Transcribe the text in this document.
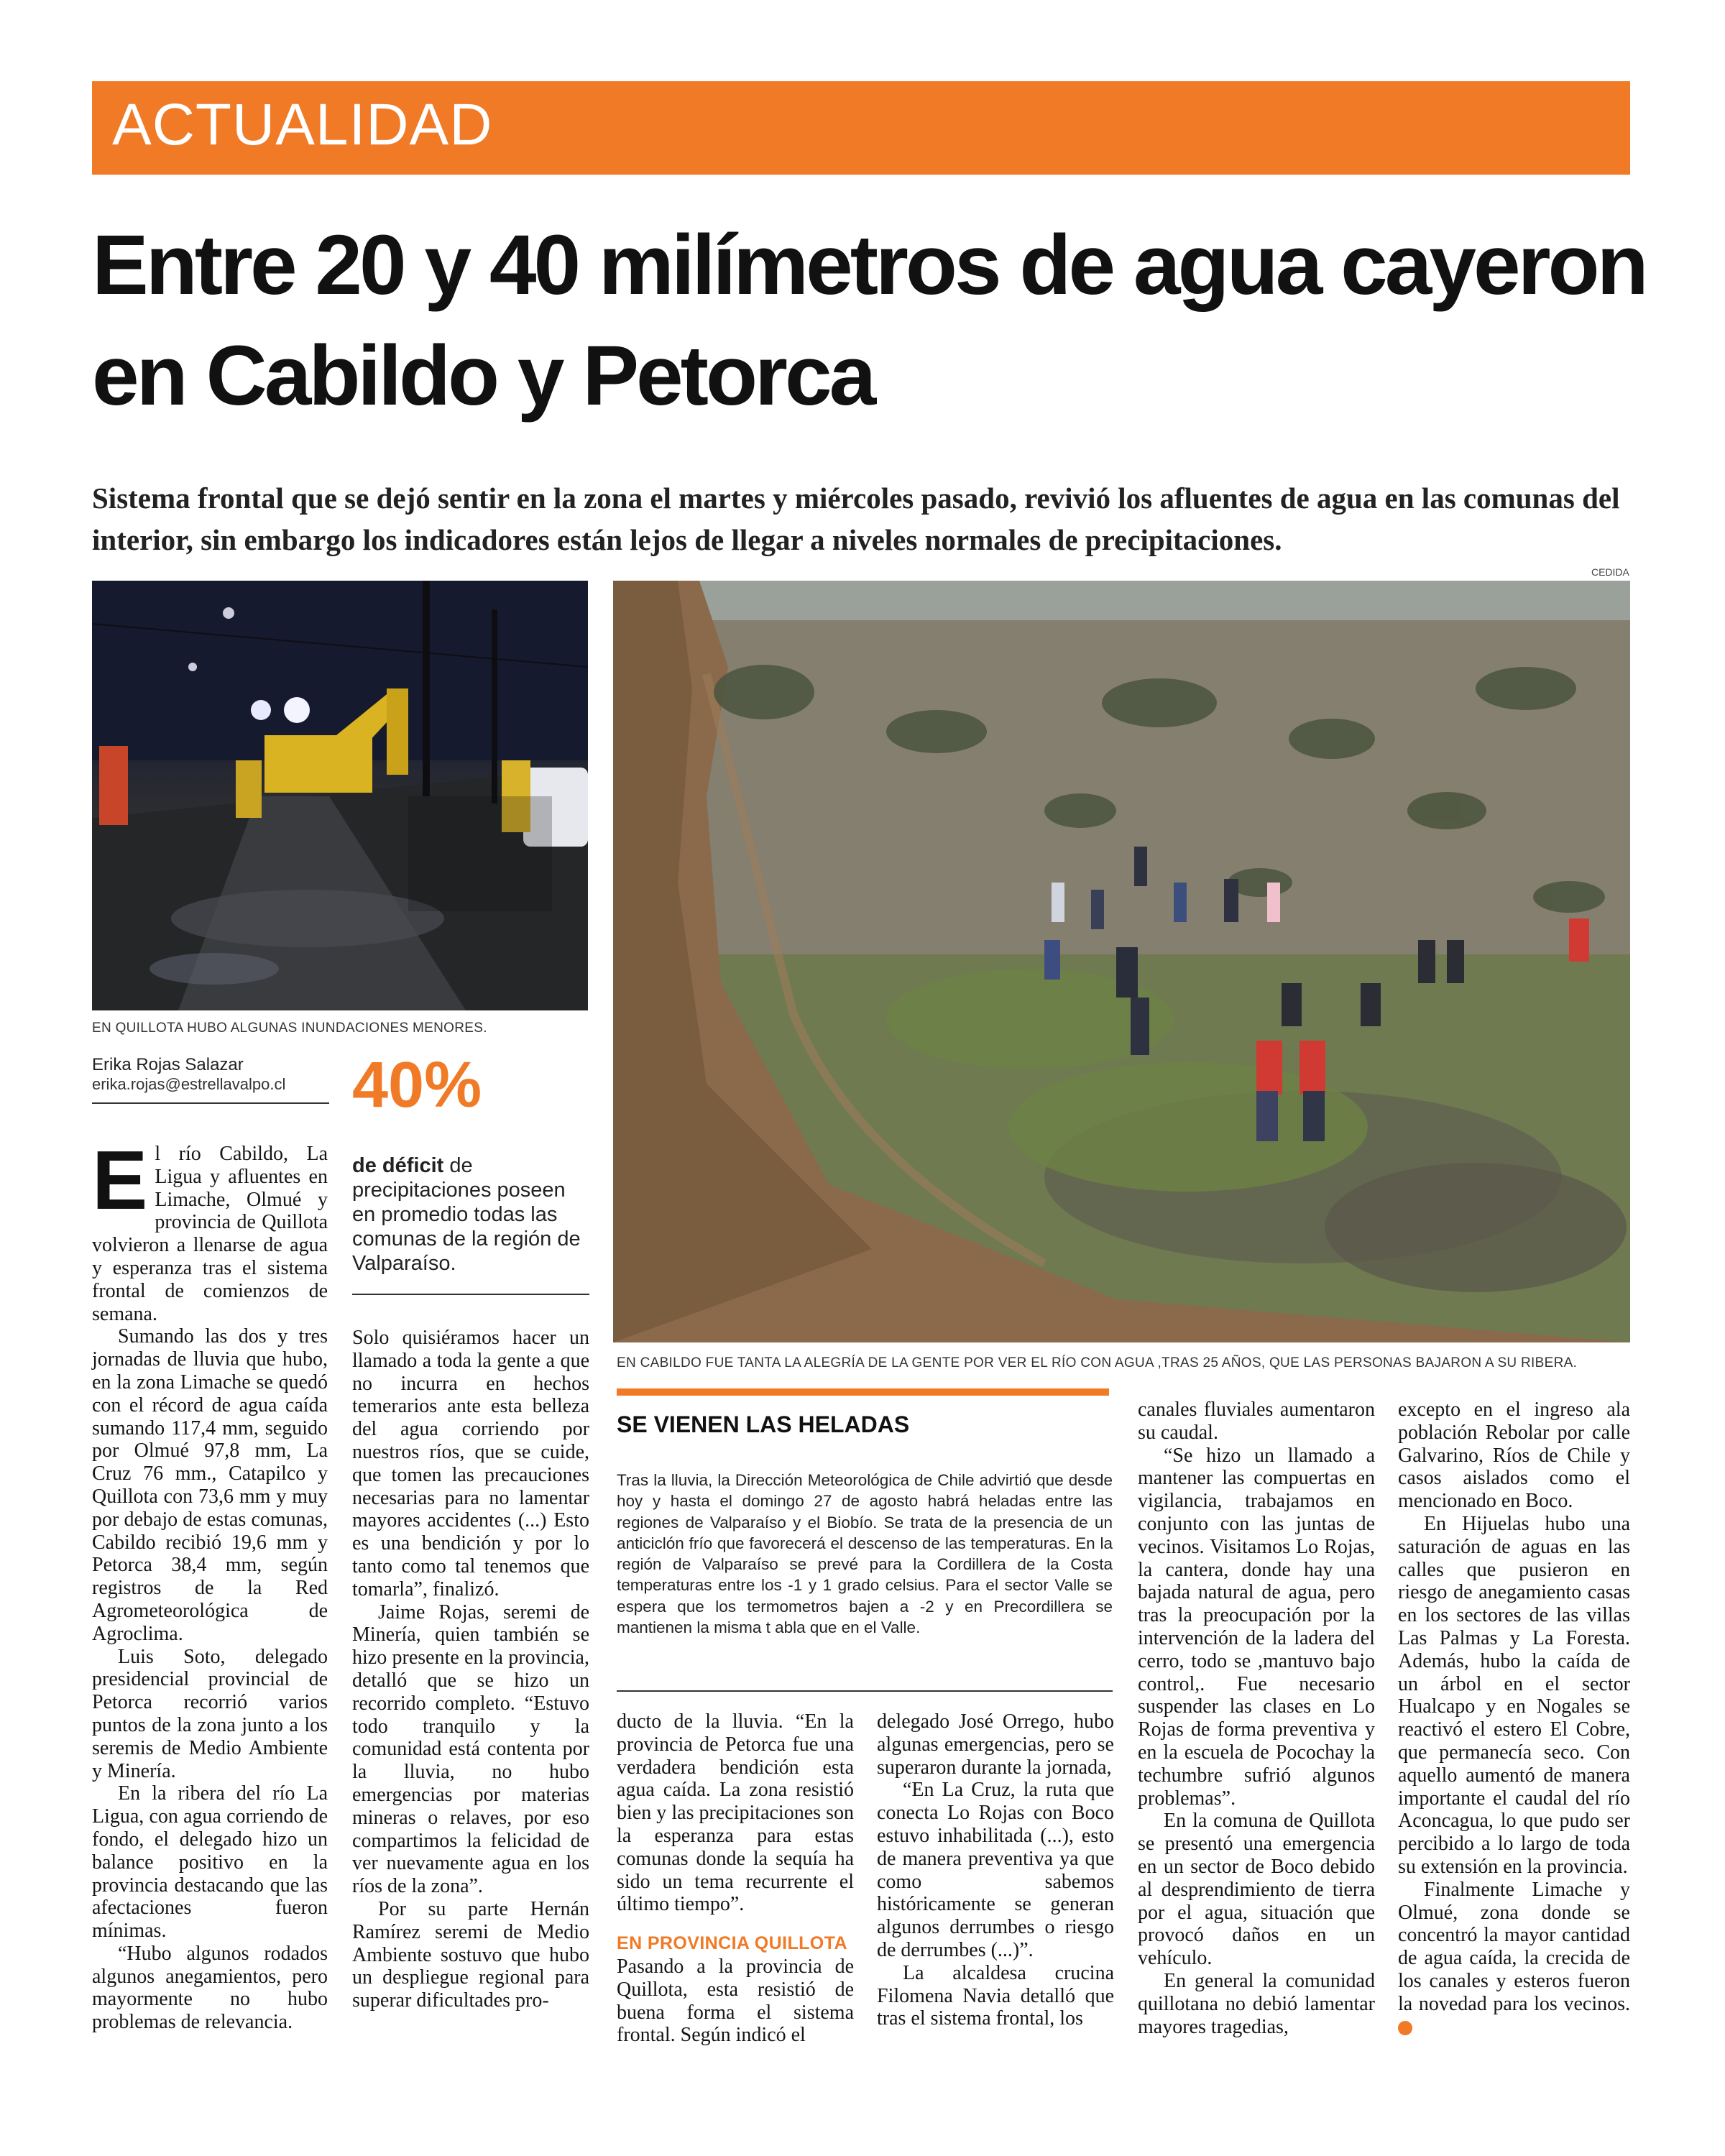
ACTUALIDAD
Entre 20 y 40 milímetros de agua cayeron en Cabildo y Petorca
Sistema frontal que se dejó sentir en la zona el martes y miércoles pasado, revivió los afluentes de agua en las comunas del interior, sin embargo los indicadores están lejos de llegar a niveles normales de precipitaciones.
CEDIDA
EN QUILLOTA HUBO ALGUNAS INUNDACIONES MENORES.
EN CABILDO FUE TANTA LA ALEGRÍA DE LA GENTE POR VER EL RÍO CON AGUA ,TRAS 25 AÑOS, QUE LAS PERSONAS BAJARON A SU RIBERA.
Erika Rojas Salazar
erika.rojas@estrellavalpo.cl 40%
de déficit de precipitaciones poseen en promedio todas las comunas de la región de Valparaíso.

El río Cabildo, La Ligua y afluentes en Limache, Olmué y provincia de Quillota volvieron a llenarse de agua y esperanza tras el sistema frontal de comienzos de semana.

Sumando las dos y tres jornadas de lluvia que hubo, en la zona Limache se quedó con el récord de agua caída sumando 117,4 mm, seguido por Olmué 97,8 mm, La Cruz 76 mm., Catapilco y Quillota con 73,6 mm y muy por debajo de estas comunas, Cabildo recibió 19,6 mm y Petorca 38,4 mm, según registros de la Red Agrometeorológica de Agroclima.

Luis Soto, delegado presidencial provincial de Petorca recorrió varios puntos de la zona junto a los seremis de Medio Ambiente y Minería.

En la ribera del río La Ligua, con agua corriendo de fondo, el delegado hizo un balance positivo en la provincia destacando que las afectaciones fueron mínimas.

“Hubo algunos rodados algunos anegamientos, pero mayormente no hubo problemas de relevancia.

Solo quisiéramos hacer un llamado a toda la gente a que no incurra en hechos temerarios ante esta belleza del agua corriendo por nuestros ríos, que se cuide, que tomen las precauciones necesarias para no lamentar mayores accidentes (...) Esto es una bendición y por lo tanto como tal tenemos que tomarla”, finalizó.

Jaime Rojas, seremi de Minería, quien también se hizo presente en la provincia, detalló que se hizo un recorrido completo. “Estuvo todo tranquilo y la comunidad está contenta por la lluvia, no hubo emergencias por materias mineras o relaves, por eso compartimos la felicidad de ver nuevamente agua en los ríos de la zona”.

Por su parte Hernán Ramírez seremi de Medio Ambiente sostuvo que hubo un despliegue regional para superar dificultades pro-

SE VIENEN LAS HELADAS
Tras la lluvia, la Dirección Meteorológica de Chile advirtió que desde hoy y hasta el domingo 27 de agosto habrá heladas entre las regiones de Valparaíso y el Biobío. Se trata de la presencia de un anticiclón frío que favorecerá el descenso de las temperaturas. En la región de Valparaíso se prevé para la Cordillera de la Costa temperaturas entre los -1 y 1 grado celsius. Para el sector Valle se espera que los termometros bajen a -2 y en Precordillera se mantienen la misma t abla que en el Valle.

ducto de la lluvia. “En la provincia de Petorca fue una verdadera bendición esta agua caída. La zona resistió bien y las precipitaciones son la esperanza para estas comunas donde la sequía ha sido un tema recurrente el último tiempo”.

EN PROVINCIA QUILLOTA

Pasando a la provincia de Quillota, esta resistió de buena forma el sistema frontal. Según indicó el

delegado José Orrego, hubo algunas emergencias, pero se superaron durante la jornada,

“En La Cruz, la ruta que conecta Lo Rojas con Boco estuvo inhabilitada (...), esto de manera preventiva ya que como sabemos históricamente se generan algunos derrumbes o riesgo de derrumbes (...)”.

La alcaldesa crucina Filomena Navia detalló que tras el sistema frontal, los

canales fluviales aumentaron su caudal.

“Se hizo un llamado a mantener las compuertas en vigilancia, trabajamos en conjunto con las juntas de vecinos. Visitamos Lo Rojas, la cantera, donde hay una bajada natural de agua, pero tras la preocupación por la intervención de la ladera del cerro, todo se ,mantuvo bajo control,. Fue necesario suspender las clases en Lo Rojas de forma preventiva y en la escuela de Pocochay la techumbre sufrió algunos problemas”.

En la comuna de Quillota se presentó una emergencia en un sector de Boco debido al desprendimiento de tierra por el agua, situación que provocó daños en un vehículo.

En general la comunidad quillotana no debió lamentar mayores tragedias,

excepto en el ingreso ala población Rebolar por calle Galvarino, Ríos de Chile y casos aislados como el mencionado en Boco.

En Hijuelas hubo una saturación de aguas en las calles que pusieron en riesgo de anegamiento casas en los sectores de las villas Las Palmas y La Foresta. Además, hubo la caída de un árbol en el sector Hualcapo y en Nogales se reactivó el estero El Cobre, que permanecía seco. Con aquello aumentó de manera importante el caudal del río Aconcagua, lo que pudo ser percibido a lo largo de toda su extensión en la provincia.

Finalmente Limache y Olmué, zona donde se concentró la mayor cantidad de agua caída, la crecida de los canales y esteros fueron la novedad para los vecinos. +
